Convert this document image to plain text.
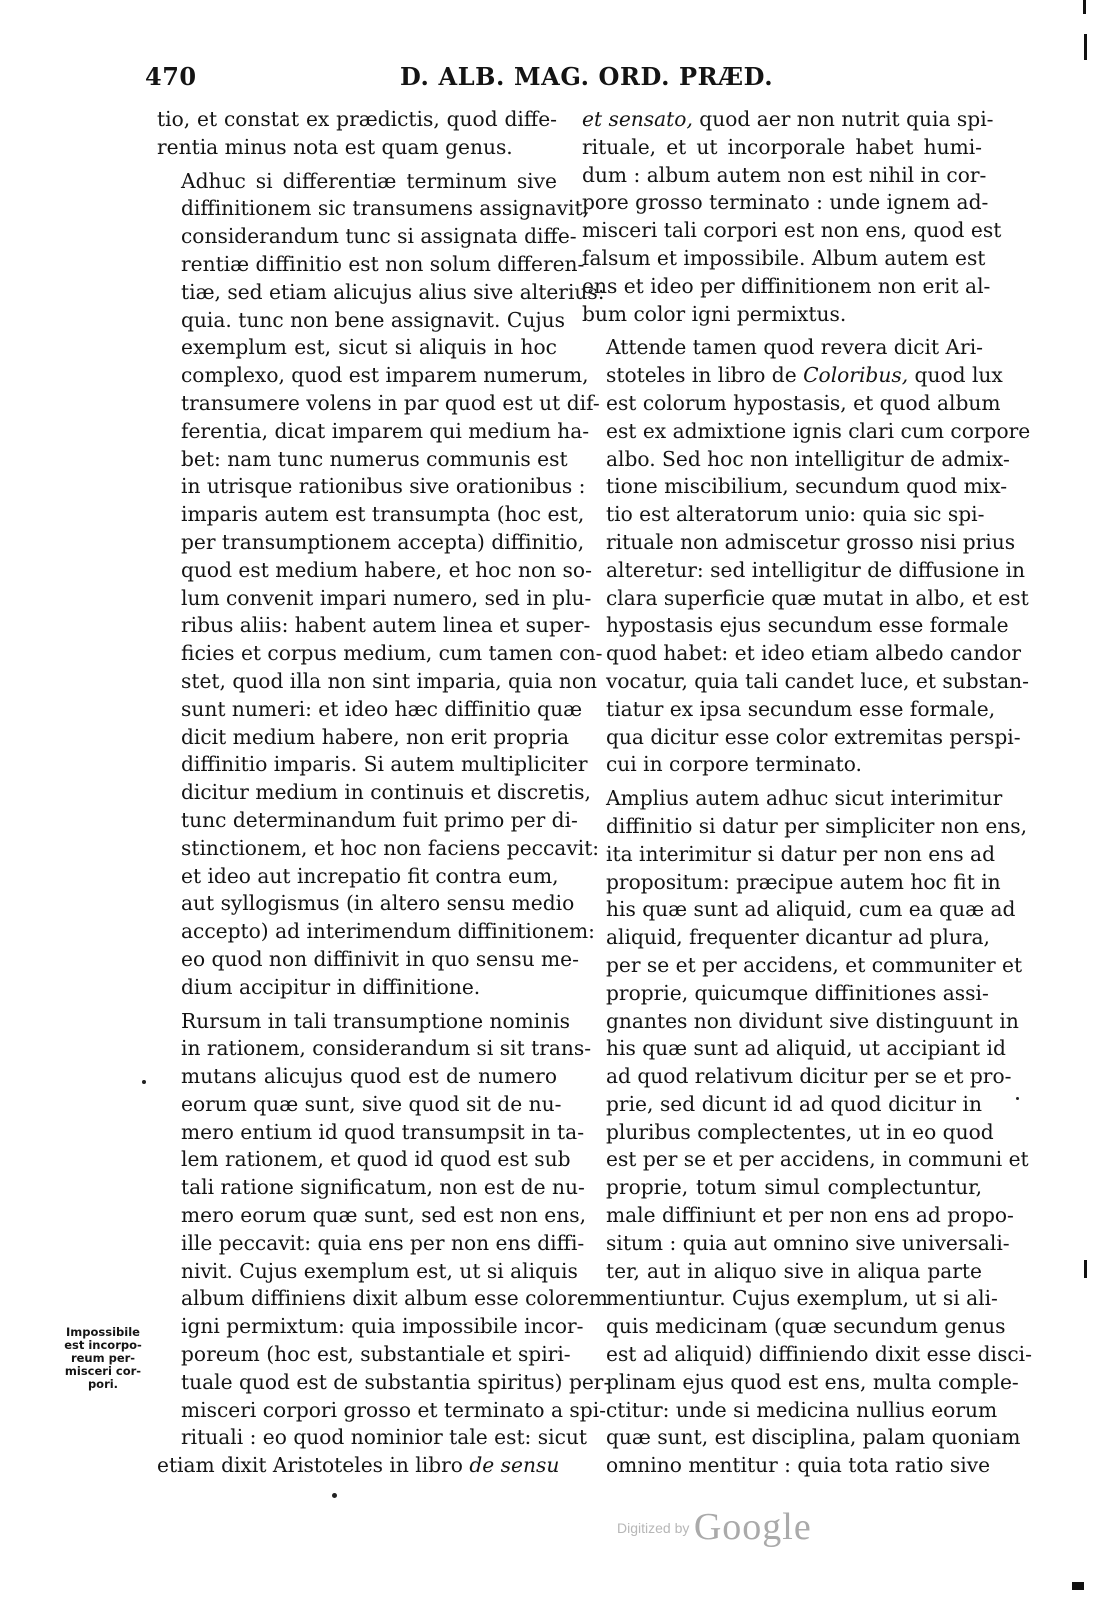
470	D. ALB. MAG. ORD. PRÆD.

tio, et constat ex prædictis, quod diffe-
rentia minus nota est quam genus.

Adhuc si differentiæ terminum sive
diffinitionem sic transumens assignavit,
considerandum tunc si assignata diffe-
rentiæ diffinitio est non solum differen-
tiæ, sed etiam alicujus alius sive alterius:
quia. tunc non bene assignavit. Cujus
exemplum est, sicut si aliquis in hoc
complexo, quod est imparem numerum,
transumere volens in par quod est ut dif-
ferentia, dicat imparem qui medium ha-
bet: nam tunc numerus communis est
in utrisque rationibus sive orationibus :
imparis autem est transumpta (hoc est,
per transumptionem accepta) diffinitio,
quod est medium habere, et hoc non so-
lum convenit impari numero, sed in plu-
ribus aliis: habent autem linea et super-
ficies et corpus medium, cum tamen con-
stet, quod illa non sint imparia, quia non
sunt numeri: et ideo hæc diffinitio quæ
dicit medium habere, non erit propria
diffinitio imparis. Si autem multipliciter
dicitur medium in continuis et discretis,
tunc determinandum fuit primo per di-
stinctionem, et hoc non faciens peccavit:
et ideo aut increpatio fit contra eum,
aut syllogismus (in altero sensu medio
accepto) ad interimendum diffinitionem:
eo quod non diffinivit in quo sensu me-
dium accipitur in diffinitione.

Rursum in tali transumptione nominis
in rationem, considerandum si sit trans-
mutans alicujus quod est de numero
eorum quæ sunt, sive quod sit de nu-
mero entium id quod transumpsit in ta-
lem rationem, et quod id quod est sub
tali ratione significatum, non est de nu-
mero eorum quæ sunt, sed est non ens,
ille peccavit: quia ens per non ens diffi-
nivit. Cujus exemplum est, ut si aliquis
album diffiniens dixit album esse colorem
igni permixtum: quia impossibile incor-
poreum (hoc est, substantiale et spiri-
tuale quod est de substantia spiritus) per-
misceri corpori grosso et terminato a spi-
rituali : eo quod nominior tale est: sicut

etiam dixit Aristoteles in libro de sensu

et sensato, quod aer non nutrit quia spi-
rituale, et ut incorporale habet humi-
dum : album autem non est nihil in cor-
pore grosso terminato : unde ignem ad-
misceri tali corpori est non ens, quod est
falsum et impossibile. Album autem est
ens et ideo per diffinitionem non erit al-
bum color igni permixtus.

Attende tamen quod revera dicit Ari-
stoteles in libro de Coloribus, quod lux
est colorum hypostasis, et quod album
est ex admixtione ignis clari cum corpore
albo. Sed hoc non intelligitur de admix-
tione miscibilium, secundum quod mix-
tio est alteratorum unio: quia sic spi-
rituale non admiscetur grosso nisi prius
alteretur: sed intelligitur de diffusione in
clara superficie quæ mutat in albo, et est
hypostasis ejus secundum esse formale
quod habet: et ideo etiam albedo candor
vocatur, quia tali candet luce, et substan-
tiatur ex ipsa secundum esse formale,
qua dicitur esse color extremitas perspi-
cui in corpore terminato.

Amplius autem adhuc sicut interimitur
diffinitio si datur per simpliciter non ens,
ita interimitur si datur per non ens ad
propositum: præcipue autem hoc fit in
his quæ sunt ad aliquid, cum ea quæ ad
aliquid, frequenter dicantur ad plura,
per se et per accidens, et communiter et
proprie, quicumque diffinitiones assi-
gnantes non dividunt sive distinguunt in
his quæ sunt ad aliquid, ut accipiant id
ad quod relativum dicitur per se et pro-
prie, sed dicunt id ad quod dicitur in
pluribus complectentes, ut in eo quod
est per se et per accidens, in communi et
proprie, totum simul complectuntur,
male diffiniunt et per non ens ad propo-
situm : quia aut omnino sive universali-
ter, aut in aliquo sive in aliqua parte
mentiuntur. Cujus exemplum, ut si ali-
quis medicinam (quæ secundum genus
est ad aliquid) diffiniendo dixit esse disci-
plinam ejus quod est ens, multa comple-
ctitur: unde si medicina nullius eorum
quæ sunt, est disciplina, palam quoniam
omnino mentitur : quia tota ratio sive

Impossibile
est incorpo-
reum per-
misceri cor-
pori.
Digitized by Google
